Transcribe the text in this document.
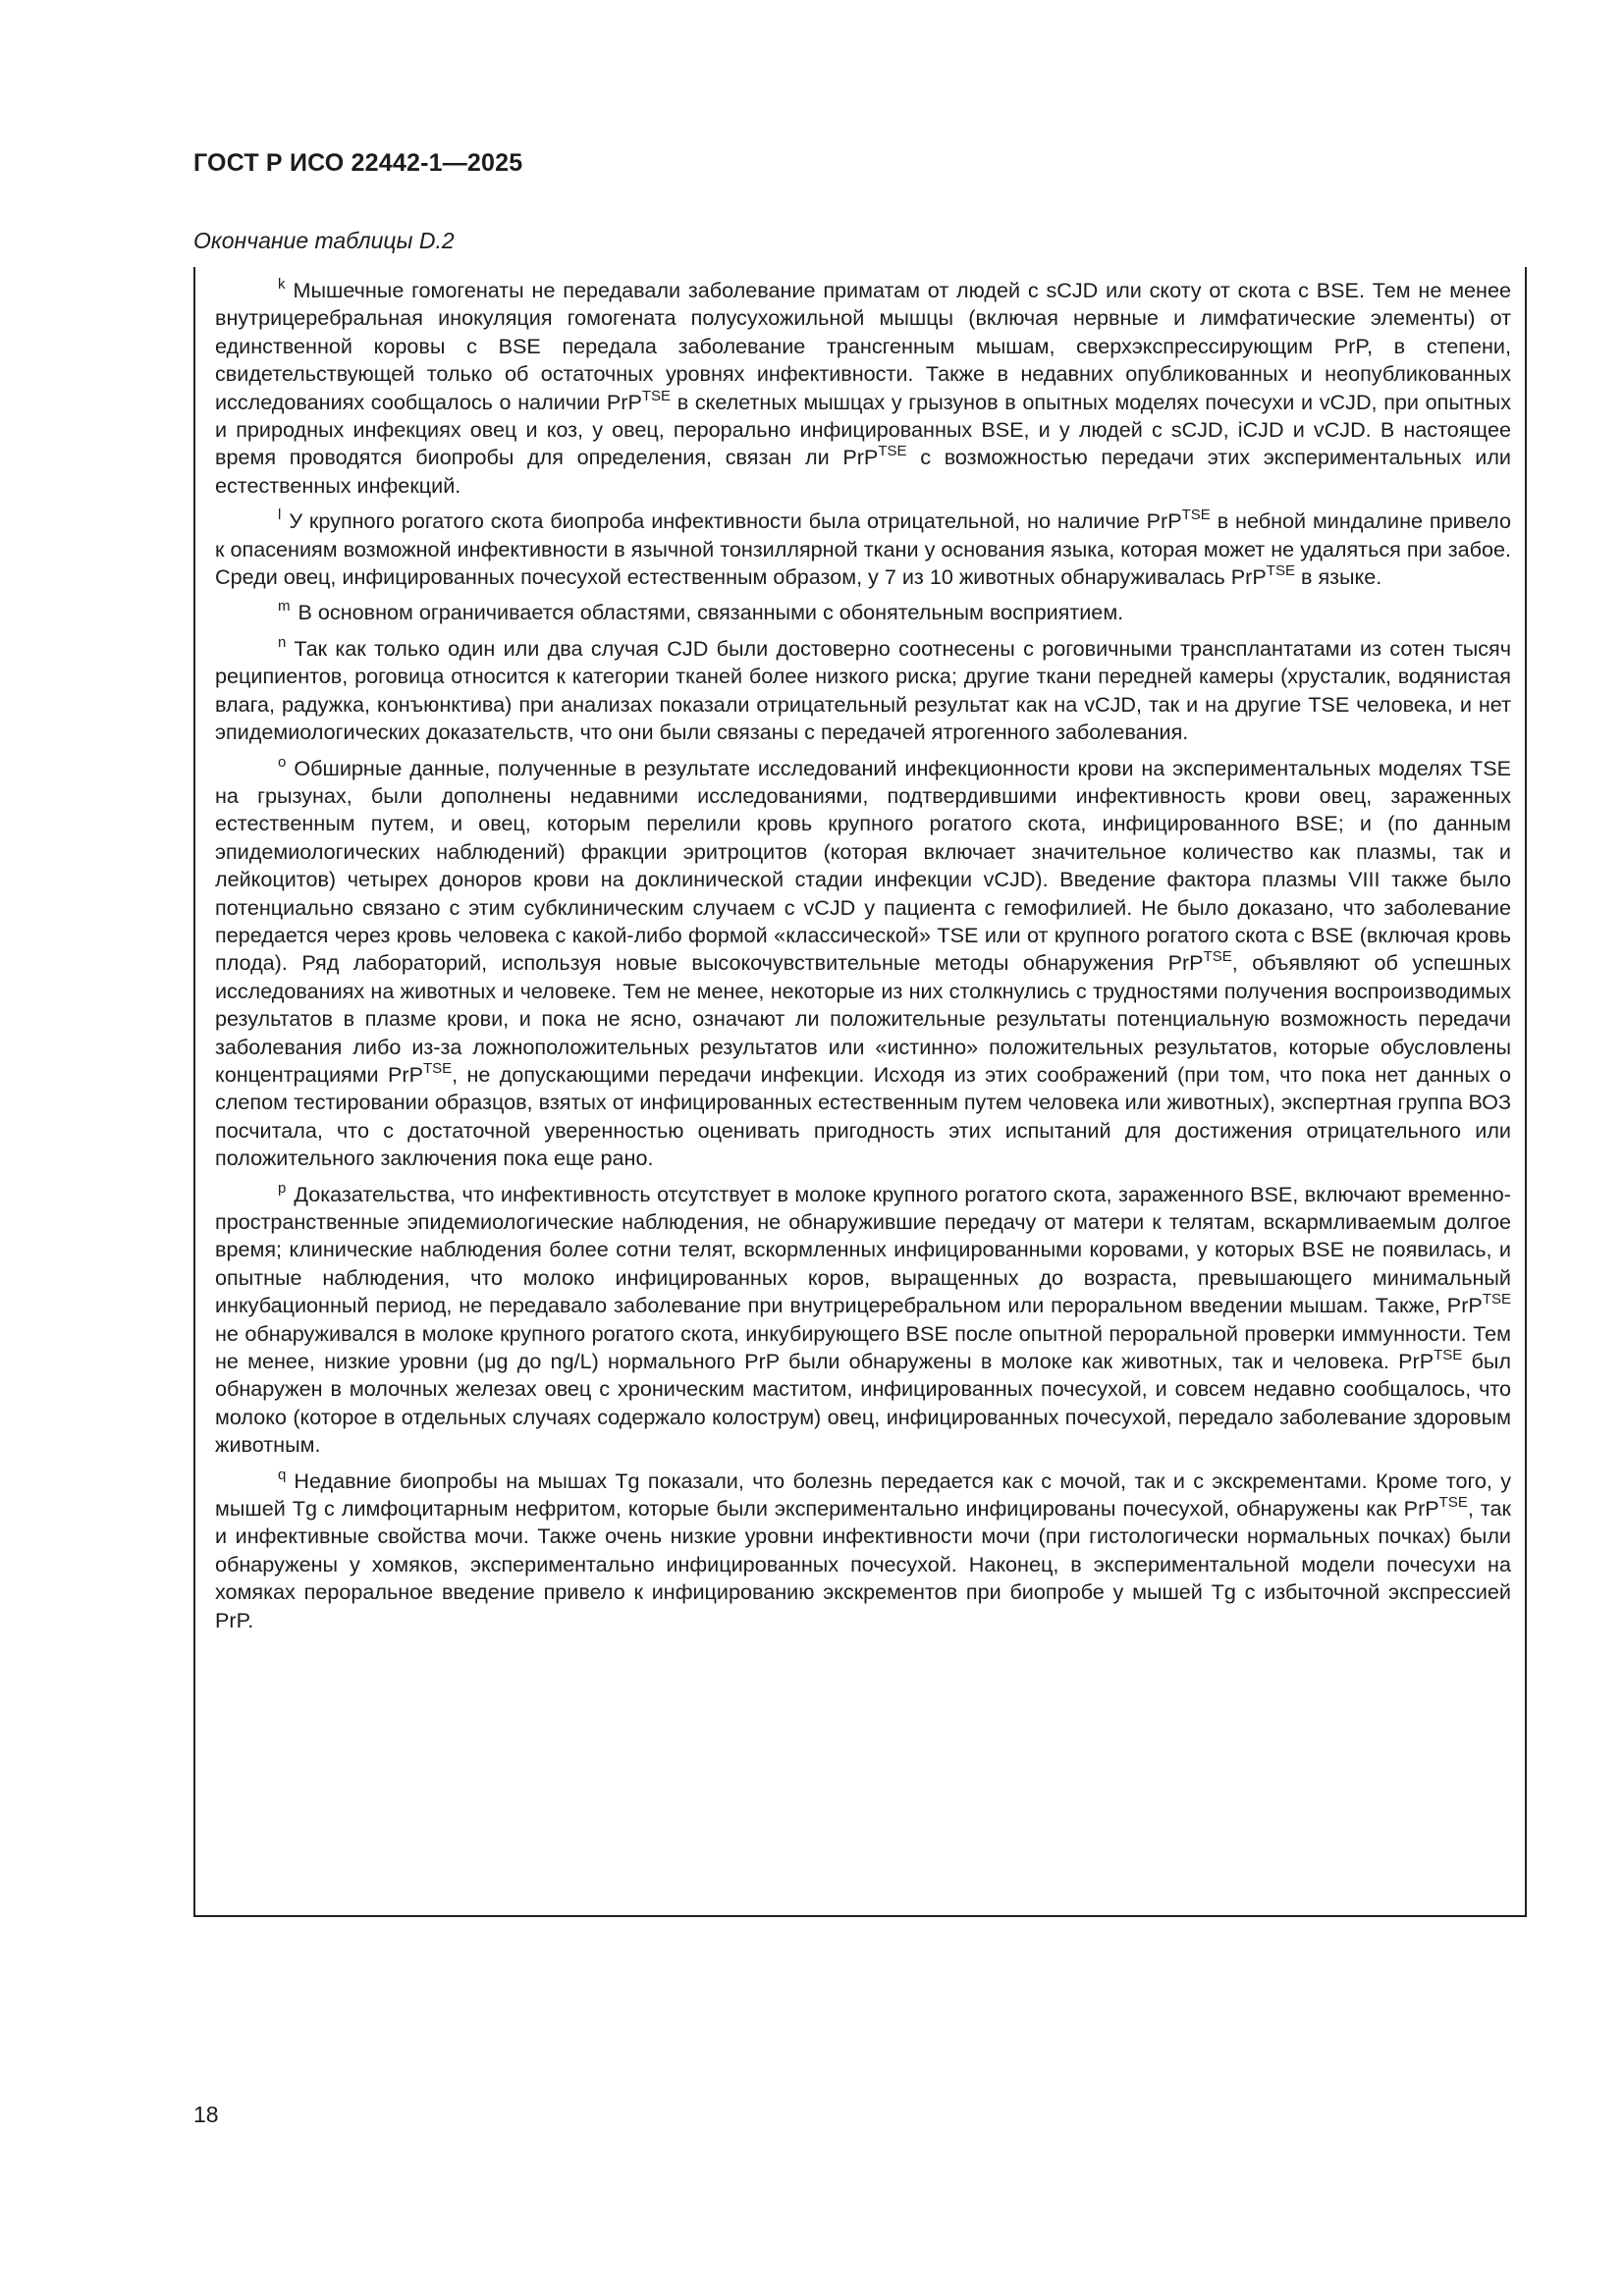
ГОСТ Р ИСО 22442-1—2025
Окончание таблицы D.2

$^k$ Мышечные гомогенаты не передавали заболевание приматам от людей с sCJD или скоту от скота с BSE. Тем не менее внутрицеребральная инокуляция гомогената полусухожильной мышцы (включая нервные и лимфатические элементы) от единственной коровы с BSE передала заболевание трансгенным мышам, сверхэкспрессирующим PrP, в степени, свидетельствующей только об остаточных уровнях инфективности. Также в недавних опубликованных и неопубликованных исследованиях сообщалось о наличии PrP$^{TSE}$ в скелетных мышцах у грызунов в опытных моделях почесухи и vCJD, при опытных и природных инфекциях овец и коз, у овец, перорально инфицированных BSE, и у людей с sCJD, iCJD и vCJD. В настоящее время проводятся биопробы для определения, связан ли PrP$^{TSE}$ с возможностью передачи этих экспериментальных или естественных инфекций.

$^l$ У крупного рогатого скота биопроба инфективности была отрицательной, но наличие PrP$^{TSE}$ в небной миндалине привело к опасениям возможной инфективности в язычной тонзиллярной ткани у основания языка, которая может не удаляться при забое. Среди овец, инфицированных почесухой естественным образом, у 7 из 10 животных обнаруживалась PrP$^{TSE}$ в языке.

$^m$ В основном ограничивается областями, связанными с обонятельным восприятием.

$^n$ Так как только один или два случая CJD были достоверно соотнесены с роговичными трансплантатами из сотен тысяч реципиентов, роговица относится к категории тканей более низкого риска; другие ткани передней камеры (хрусталик, водянистая влага, радужка, конъюнктива) при анализах показали отрицательный результат как на vCJD, так и на другие TSE человека, и нет эпидемиологических доказательств, что они были связаны с передачей ятрогенного заболевания.

$^o$ Обширные данные, полученные в результате исследований инфекционности крови на экспериментальных моделях TSE на грызунах, были дополнены недавними исследованиями, подтвердившими инфективность крови овец, зараженных естественным путем, и овец, которым перелили кровь крупного рогатого скота, инфицированного BSE; и (по данным эпидемиологических наблюдений) фракции эритроцитов (которая включает значительное количество как плазмы, так и лейкоцитов) четырех доноров крови на доклинической стадии инфекции vCJD). Введение фактора плазмы VIII также было потенциально связано с этим субклиническим случаем с vCJD у пациента с гемофилией. Не было доказано, что заболевание передается через кровь человека с какой-либо формой «классической» TSE или от крупного рогатого скота с BSE (включая кровь плода). Ряд лабораторий, используя новые высокочувствительные методы обнаружения PrP$^{TSE}$, объявляют об успешных исследованиях на животных и человеке. Тем не менее, некоторые из них столкнулись с трудностями получения воспроизводимых результатов в плазме крови, и пока не ясно, означают ли положительные результаты потенциальную возможность передачи заболевания либо из-за ложноположительных результатов или «истинно» положительных результатов, которые обусловлены концентрациями PrP$^{TSE}$, не допускающими передачи инфекции. Исходя из этих соображений (при том, что пока нет данных о слепом тестировании образцов, взятых от инфицированных естественным путем человека или животных), экспертная группа ВОЗ посчитала, что с достаточной уверенностью оценивать пригодность этих испытаний для достижения отрицательного или положительного заключения пока еще рано.

$^p$ Доказательства, что инфективность отсутствует в молоке крупного рогатого скота, зараженного BSE, включают временно-пространственные эпидемиологические наблюдения, не обнаружившие передачу от матери к телятам, вскармливаемым долгое время; клинические наблюдения более сотни телят, вскормленных инфицированными коровами, у которых BSE не появилась, и опытные наблюдения, что молоко инфицированных коров, выращенных до возраста, превышающего минимальный инкубационный период, не передавало заболевание при внутрицеребральном или пероральном введении мышам. Также, PrP$^{TSE}$ не обнаруживался в молоке крупного рогатого скота, инкубирующего BSE после опытной пероральной проверки иммунности. Тем не менее, низкие уровни (μg до ng/L) нормального PrP были обнаружены в молоке как животных, так и человека. PrP$^{TSE}$ был обнаружен в молочных железах овец с хроническим маститом, инфицированных почесухой, и совсем недавно сообщалось, что молоко (которое в отдельных случаях содержало колострум) овец, инфицированных почесухой, передало заболевание здоровым животным.

$^q$ Недавние биопробы на мышах Tg показали, что болезнь передается как с мочой, так и с экскрементами. Кроме того, у мышей Tg с лимфоцитарным нефритом, которые были экспериментально инфицированы почесухой, обнаружены как PrP$^{TSE}$, так и инфективные свойства мочи. Также очень низкие уровни инфективности мочи (при гистологически нормальных почках) были обнаружены у хомяков, экспериментально инфицированных почесухой. Наконец, в экспериментальной модели почесухи на хомяках пероральное введение привело к инфицированию экскрементов при биопробе у мышей Tg с избыточной экспрессией PrP.

18
